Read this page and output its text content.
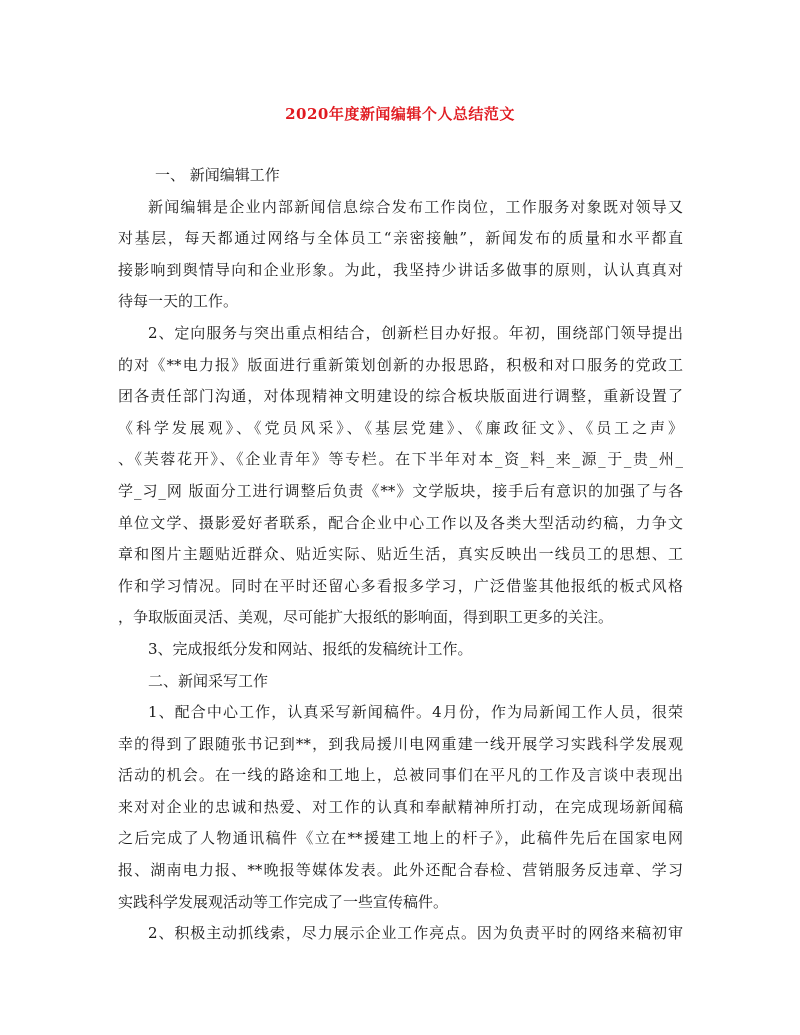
2020年度新闻编辑个人总结范文
一、 新闻编辑工作
新闻编辑是企业内部新闻信息综合发布工作岗位，工作服务对象既对领导又
对基层，每天都通过网络与全体员工“亲密接触”，新闻发布的质量和水平都直
接影响到舆情导向和企业形象。为此，我坚持少讲话多做事的原则，认认真真对
待每一天的工作。
2、定向服务与突出重点相结合，创新栏目办好报。年初，围绕部门领导提出
的对《**电力报》版面进行重新策划创新的办报思路，积极和对口服务的党政工
团各责任部门沟通，对体现精神文明建设的综合板块版面进行调整，重新设置了
《科学发展观》、《党员风采》、《基层党建》、《廉政征文》、《员工之声》
、《芙蓉花开》、《企业青年》等专栏。在下半年对本_资_料_来_源_于_贵_州_
学_习_网 版面分工进行调整后负责《**》文学版块，接手后有意识的加强了与各
单位文学、摄影爱好者联系，配合企业中心工作以及各类大型活动约稿，力争文
章和图片主题贴近群众、贴近实际、贴近生活，真实反映出一线员工的思想、工
作和学习情况。同时在平时还留心多看报多学习，广泛借鉴其他报纸的板式风格
，争取版面灵活、美观，尽可能扩大报纸的影响面，得到职工更多的关注。
3、完成报纸分发和网站、报纸的发稿统计工作。
二、新闻采写工作
1、配合中心工作，认真采写新闻稿件。4月份，作为局新闻工作人员，很荣
幸的得到了跟随张书记到**，到我局援川电网重建一线开展学习实践科学发展观
活动的机会。在一线的路途和工地上，总被同事们在平凡的工作及言谈中表现出
来对对企业的忠诚和热爱、对工作的认真和奉献精神所打动，在完成现场新闻稿
之后完成了人物通讯稿件《立在**援建工地上的杆子》，此稿件先后在国家电网
报、湖南电力报、**晚报等媒体发表。此外还配合春检、营销服务反违章、学习
实践科学发展观活动等工作完成了一些宣传稿件。
2、积极主动抓线索，尽力展示企业工作亮点。因为负责平时的网络来稿初审
